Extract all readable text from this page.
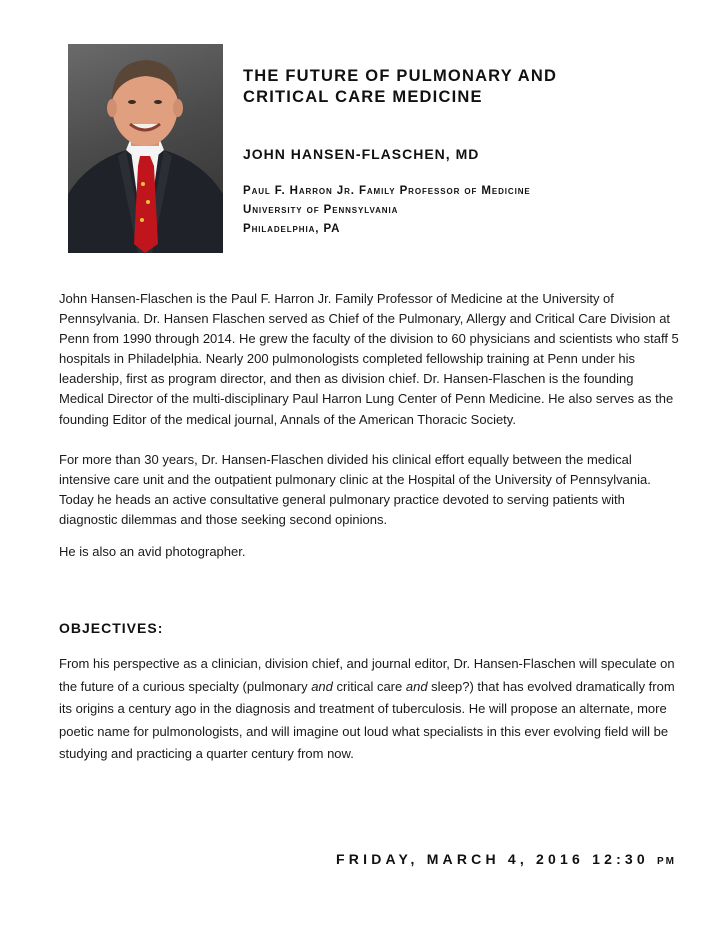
THE FUTURE OF PULMONARY AND
CRITICAL CARE MEDICINE
JOHN HANSEN-FLASCHEN, MD
Paul F. Harron Jr. Family Professor of Medicine
University of Pennsylvania
Philadelphia, PA

John Hansen-Flaschen is the Paul F. Harron Jr. Family Professor of Medicine at the University of Pennsylvania. Dr. Hansen Flaschen served as Chief of the Pulmonary, Allergy and Critical Care Division at Penn from 1990 through 2014. He grew the faculty of the division to 60 physicians and scientists who staff 5 hospitals in Philadelphia. Nearly 200 pulmonologists completed fellowship training at Penn under his leadership, first as program director, and then as division chief. Dr. Hansen-Flaschen is the founding Medical Director of the multi-disciplinary Paul Harron Lung Center of Penn Medicine. He also serves as the founding Editor of the medical journal, Annals of the American Thoracic Society.

For more than 30 years, Dr. Hansen-Flaschen divided his clinical effort equally between the medical intensive care unit and the outpatient pulmonary clinic at the Hospital of the University of Pennsylvania. Today he heads an active consultative general pulmonary practice devoted to serving patients with diagnostic dilemmas and those seeking second opinions.

He is also an avid photographer.

OBJECTIVES:

From his perspective as a clinician, division chief, and journal editor, Dr. Hansen-Flaschen will speculate on the future of a curious specialty (pulmonary and critical care and sleep?) that has evolved dramatically from its origins a century ago in the diagnosis and treatment of tuberculosis. He will propose an alternate, more poetic name for pulmonologists, and will imagine out loud what specialists in this ever evolving field will be studying and practicing a quarter century from now.

FRIDAY, MARCH 4, 2016 12:30 PM
